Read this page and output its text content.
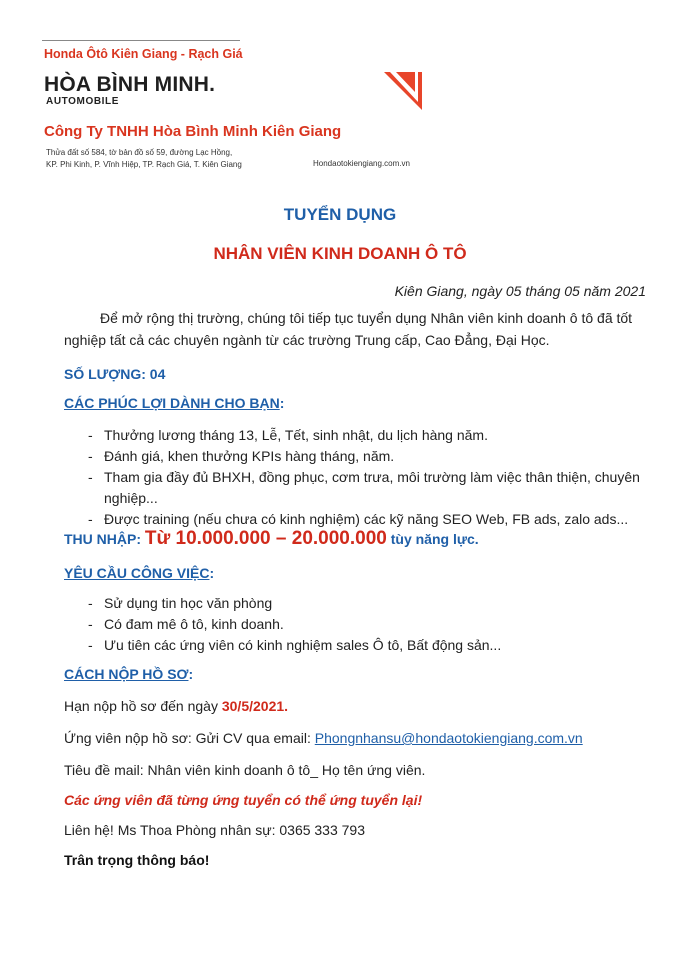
Honda Ôtô Kiên Giang - Rạch Giá
HÒA BÌNH MINH.
AUTOMOBILE
Công Ty TNHH Hòa Bình Minh Kiên Giang
Thửa đất số 584, tờ bản đồ số 59, đường Lạc Hồng,
KP. Phi Kinh, P. Vĩnh Hiệp, TP. Rạch Giá, T. Kiên Giang	Hondaotokiengiang.com.vn
TUYỂN DỤNG
NHÂN VIÊN KINH DOANH Ô TÔ
Kiên Giang, ngày 05 tháng 05 năm 2021
Để mở rộng thị trường, chúng tôi tiếp tục tuyển dụng Nhân viên kinh doanh ô tô đã tốt nghiệp tất cả các chuyên ngành từ các trường Trung cấp, Cao Đẳng, Đại Học.
SỐ LƯỢNG: 04
CÁC PHÚC LỢI DÀNH CHO BẠN:
- Thưởng lương tháng 13, Lễ, Tết, sinh nhật, du lịch hàng năm.
- Đánh giá, khen thưởng KPIs hàng tháng, năm.
- Tham gia đầy đủ BHXH, đồng phục, cơm trưa, môi trường làm việc thân thiện, chuyên nghiệp...
- Được training (nếu chưa có kinh nghiệm) các kỹ năng SEO Web, FB ads, zalo ads...
THU NHẬP: Từ 10.000.000 – 20.000.000 tùy năng lực.
YÊU CẦU CÔNG VIỆC:
- Sử dụng tin học văn phòng
- Có đam mê ô tô, kinh doanh.
- Ưu tiên các ứng viên có kinh nghiệm sales Ô tô, Bất động sản...
CÁCH NỘP HỒ SƠ:
Hạn nộp hồ sơ đến ngày 30/5/2021.
Ứng viên nộp hồ sơ: Gửi CV qua email: Phongnhansu@hondaotokiengiang.com.vn
Tiêu đề mail: Nhân viên kinh doanh ô tô_ Họ tên ứng viên.
Các ứng viên đã từng ứng tuyển có thể ứng tuyển lại!
Liên hệ! Ms Thoa Phòng nhân sự: 0365 333 793
Trân trọng thông báo!
